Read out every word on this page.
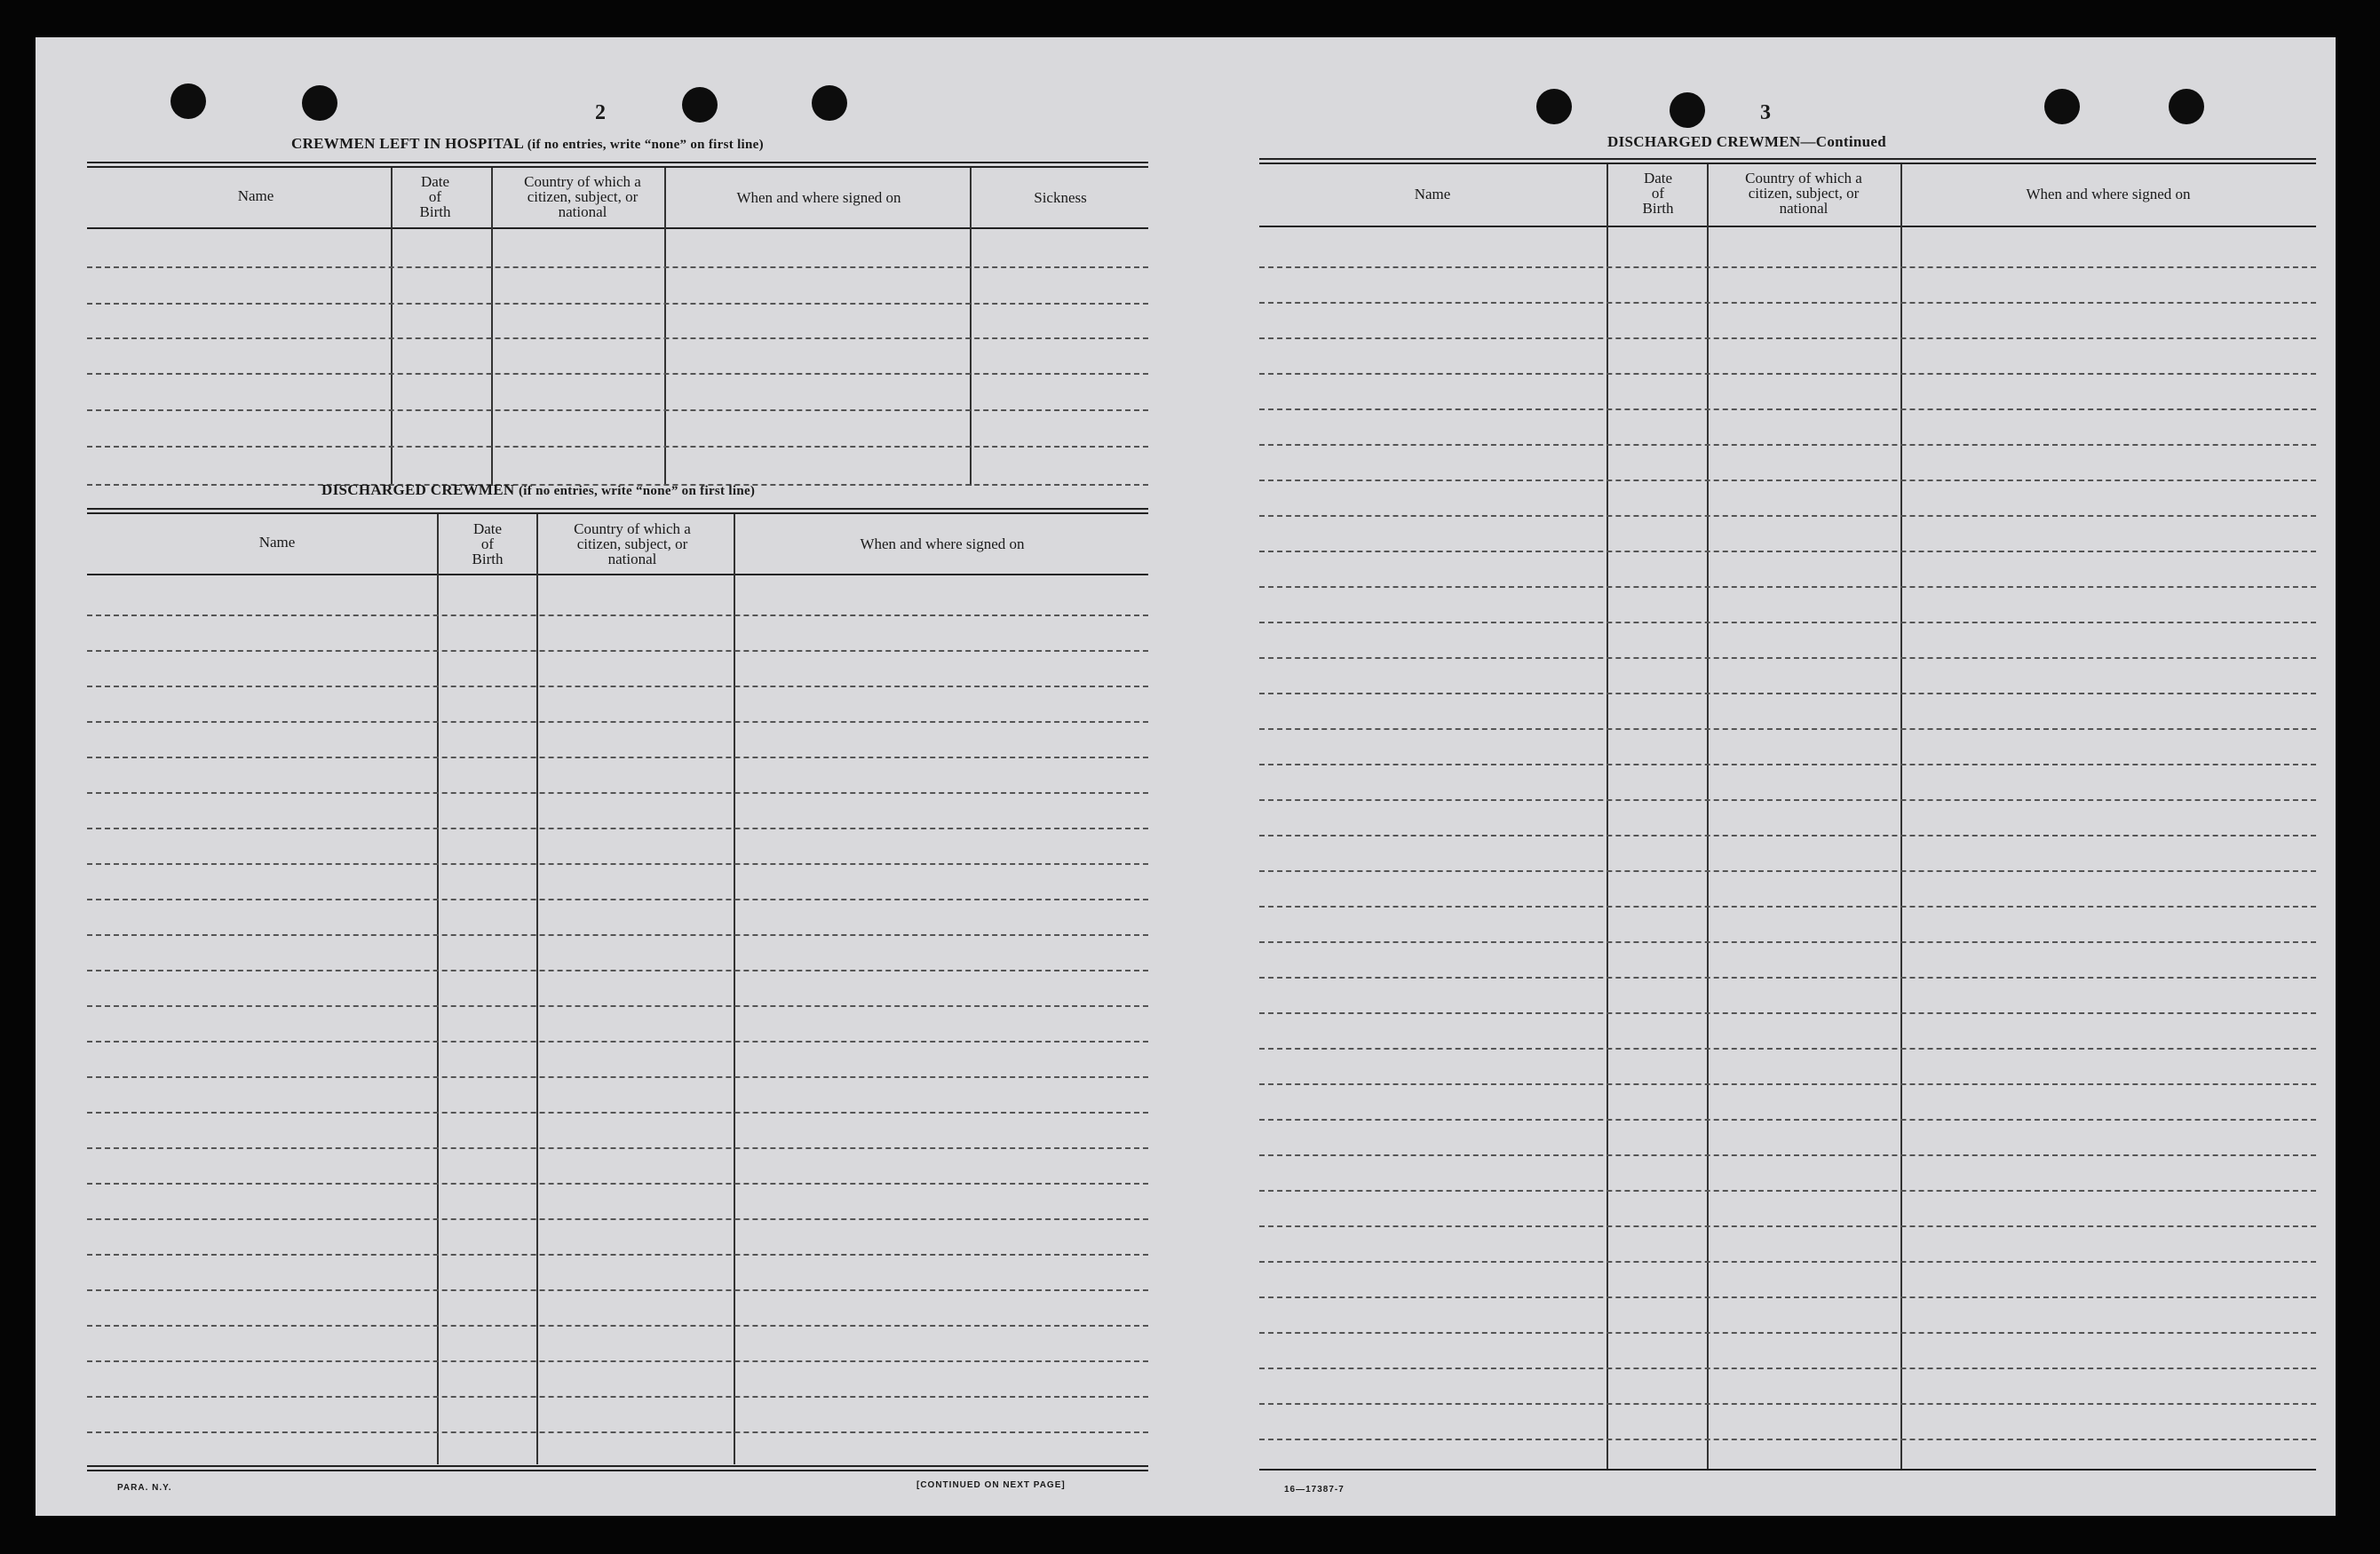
2
CREWMEN LEFT IN HOSPITAL (if no entries, write “none” on first line)
Name
Date
of
Birth
Country of which a
citizen, subject, or
national
When and where signed on	Sickness
DISCHARGED CREWMEN (if no entries, write “none” on first line)
Name
Date
of
Birth
Country of which a
citizen, subject, or
national
When and where signed on
PARA. N.Y.	[CONTINUED ON NEXT PAGE]
3
DISCHARGED CREWMEN—Continued
Name
Date
of
Birth
Country of which a
citizen, subject, or
national
When and where signed on
16—17387-7
